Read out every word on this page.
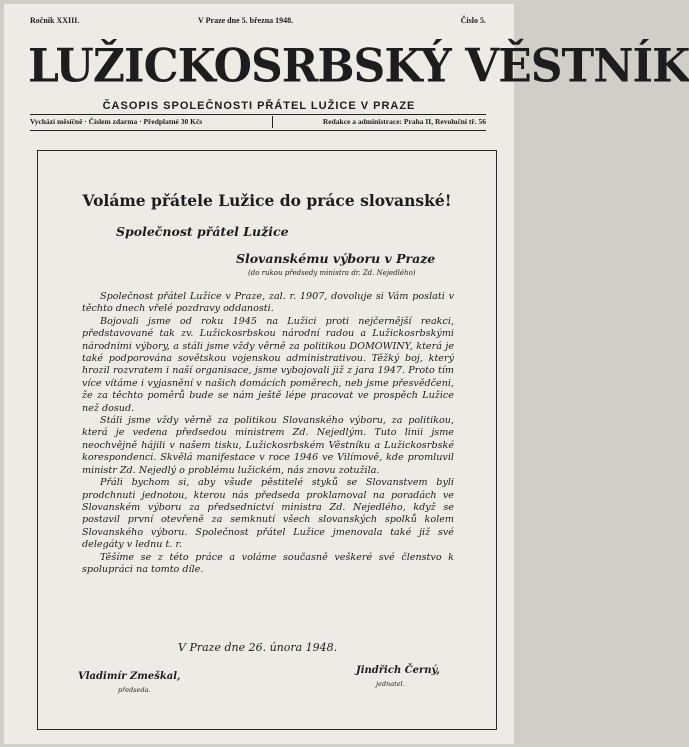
Ročník XXIII.	V Praze dne 5. března 1948.	Číslo 5.
LUŽICKOSRBSKÝ VĚSTNÍK
ČASOPIS SPOLEČNOSTI PŘÁTEL LUŽICE V PRAZE
Vychází měsíčně · Číslem zdarma · Předplatné 30 Kčs	Redakce a administrace: Praha II, Revoluční tř. 56
Voláme přátele Lužice do práce slovanské!
Společnost přátel Lužice
Slovanskému výboru v Praze
(do rukou předsedy ministra dr. Zd. Nejedlého)

Společnost přátel Lužice v Praze, zal. r. 1907, dovoluje si Vám poslati v těchto dnech vřelé pozdravy oddanosti.

Bojovali jsme od roku 1945 na Lužici proti nejčernější reakci, představované tak zv. Lužickosrbskou národní radou a Lužickosrbskými národními výbory, a stáli jsme vždy věrně za politikou DOMOWINY, která je také podporována sovětskou vojenskou administrativou. Těžký boj, který hrozil rozvratem i naší organisace, jsme vybojovali již z jara 1947. Proto tím více vítáme i vyjasnění v našich domácích poměrech, neb jsme přesvědčeni, že za těchto poměrů bude se nám ještě lépe pracovat ve prospěch Lužice než dosud.

Stáli jsme vždy věrně za politikou Slovanského výboru, za politikou, která je vedena předsedou ministrem Zd. Nejedlým. Tuto linii jsme neochvějně hájili v našem tisku, Lužickosrbském Věstníku a Lužickosrbské korespondenci. Skvělá manifestace v roce 1946 ve Vilímově, kde promluvil ministr Zd. Nejedlý o problému lužickém, nás znovu zotužila.

Přáli bychom si, aby všude pěstitelé styků se Slovanstvem byli prodchnuti jednotou, kterou nás předseda proklamoval na poradách ve Slovanském výboru za předsednictví ministra Zd. Nejedlého, když se postavil první otevřeně za semknutí všech slovanských spolků kolem Slovanského výboru. Společnost přátel Lužice jmenovala také již své delegáty v lednu t. r.

Těšíme se z této práce a voláme současně veškeré své členstvo k spolupráci na tomto díle.

V Praze dne 26. února 1948.
Vladimír Zmeškal,
předseda.
Jindřich Černý,
jednatel.
